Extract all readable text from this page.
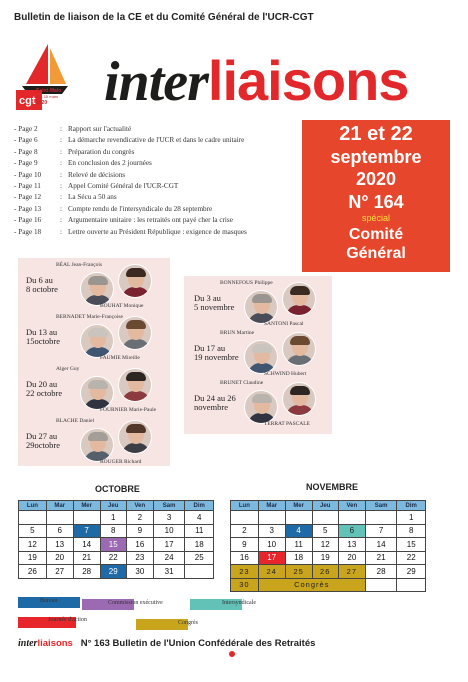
Bulletin de liaison de la CE et du Comité Général de l'UCR-CGT
cgt
Saint-Malo
11 - 15 mars
2020 interliaisons
- Page 2	: Rapport sur l'actualité
- Page 6	: La démarche revendicative de l'UCR et dans le cadre unitaire
- Page 8	: Préparation du congrès
- Page 9	: En conclusion des 2 journées
- Page 10	: Relevé de décisions
- Page 11	: Appel Comité Général de l'UCR-CGT
- Page 12	: La Sécu a 50 ans
- Page 13	: Compte rendu de l'intersyndicale du 28 septembre
- Page 16	: Argumentaire unitaire : les retraités ont payé cher la crise
- Page 18	: Lettre ouverte au Président République : exigence de masques
21 et 22
septembre
2020
N° 164
spécial
Comité
Général
BÉAL Jean-François
Du 6 au
8 octobre
BOUHAT Monique
BERNADET Marie-Françoise
Du 13 au
15octobre
FAUMIE Mireille
Alger Guy
Du 20 au
22 octobre
FOURNIER Marie-Paule
BLACHE Daniel
Du 27 au
29octobre
ROUGER Richard
BONNEFOUS Philippe
Du 3 au
5 novembre
SANTONI Pascal
BRUN Martine
Du 17 au
19 novembre
SCHWIND Hubert
BRUNET Claudine
Du 24 au 26
novembre
TERRAT PASCALE
OCTOBRE
Lun	Mar	Mer	Jeu	Ven	Sam	Dim
			1	2	3	4
5	6	7	8	9	10	11
12	13	14	15	16	17	18
19	20	21	22	23	24	25
26	27	28	29	30	31	
NOVEMBRE
Lun	Mar	Mer	Jeu	Ven	Sam	Dim
						1
2	3	4	5	6	7	8
9	10	11	12	13	14	15
16	17	18	19	20	21	22
23	24	25	26	27	28	29
30	Congrès					
Bureau	Commission exécutive	Intersyndicale
Journée d'action	Congrès
interliaisons N° 163 Bulletin de l'Union Confédérale des Retraités
